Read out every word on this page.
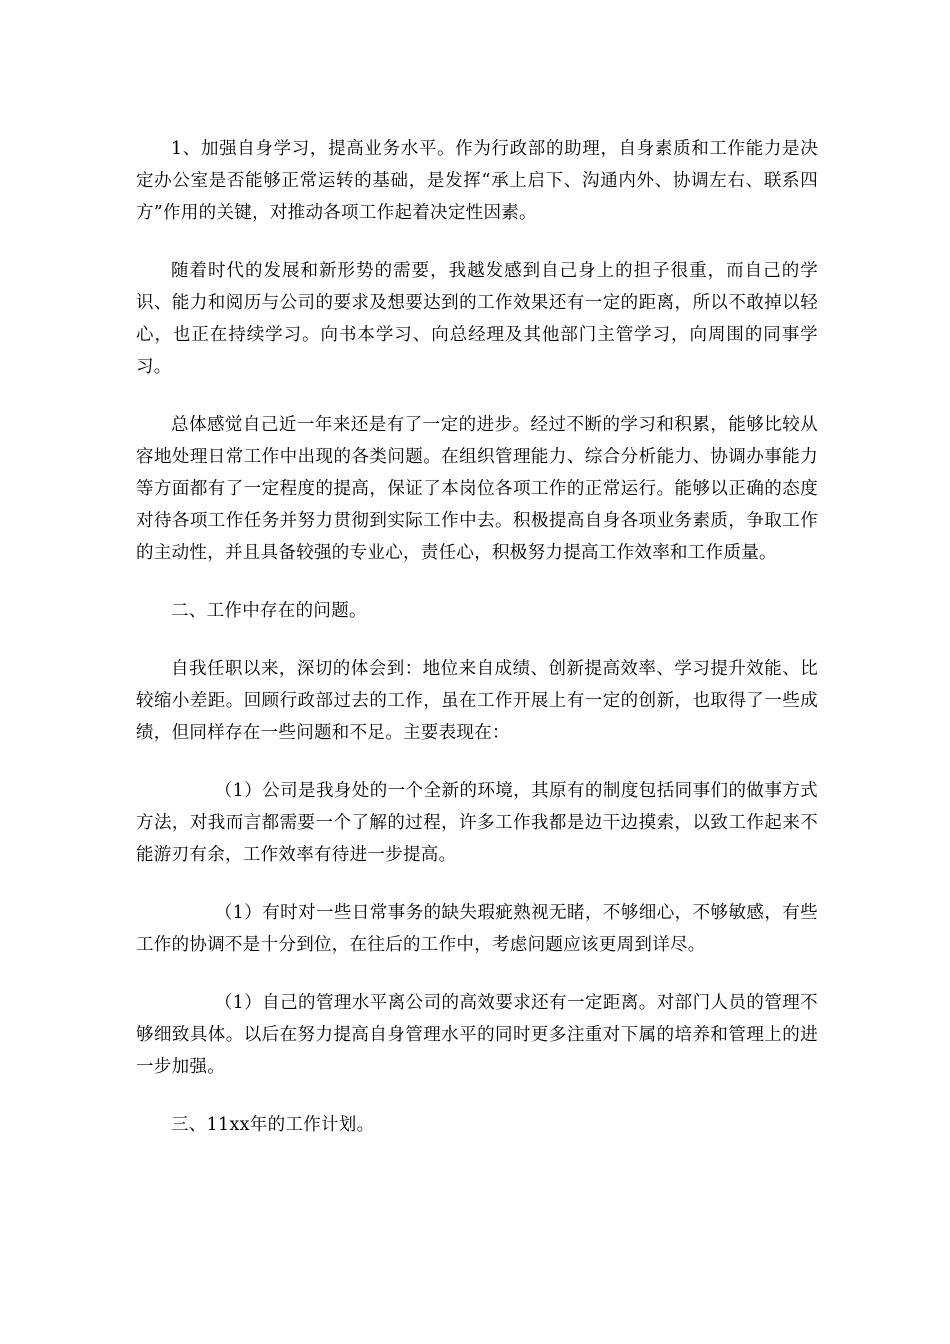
1、加强自身学习，提高业务水平。作为行政部的助理，自身素质和工作能力是决定办公室是否能够正常运转的基础，是发挥“承上启下、沟通内外、协调左右、联系四方”作用的关键，对推动各项工作起着决定性因素。

随着时代的发展和新形势的需要，我越发感到自己身上的担子很重，而自己的学识、能力和阅历与公司的要求及想要达到的工作效果还有一定的距离，所以不敢掉以轻心，也正在持续学习。向书本学习、向总经理及其他部门主管学习，向周围的同事学习。

总体感觉自己近一年来还是有了一定的进步。经过不断的学习和积累，能够比较从容地处理日常工作中出现的各类问题。在组织管理能力、综合分析能力、协调办事能力等方面都有了一定程度的提高，保证了本岗位各项工作的正常运行。能够以正确的态度对待各项工作任务并努力贯彻到实际工作中去。积极提高自身各项业务素质，争取工作的主动性，并且具备较强的专业心，责任心，积极努力提高工作效率和工作质量。

二、工作中存在的问题。

自我任职以来，深切的体会到：地位来自成绩、创新提高效率、学习提升效能、比较缩小差距。回顾行政部过去的工作，虽在工作开展上有一定的创新，也取得了一些成绩，但同样存在一些问题和不足。主要表现在：

（1）公司是我身处的一个全新的环境，其原有的制度包括同事们的做事方式方法，对我而言都需要一个了解的过程，许多工作我都是边干边摸索，以致工作起来不能游刃有余，工作效率有待进一步提高。

（1）有时对一些日常事务的缺失瑕疵熟视无睹，不够细心，不够敏感，有些工作的协调不是十分到位，在往后的工作中，考虑问题应该更周到详尽。

（1）自己的管理水平离公司的高效要求还有一定距离。对部门人员的管理不够细致具体。以后在努力提高自身管理水平的同时更多注重对下属的培养和管理上的进一步加强。

三、11xx年的工作计划。
